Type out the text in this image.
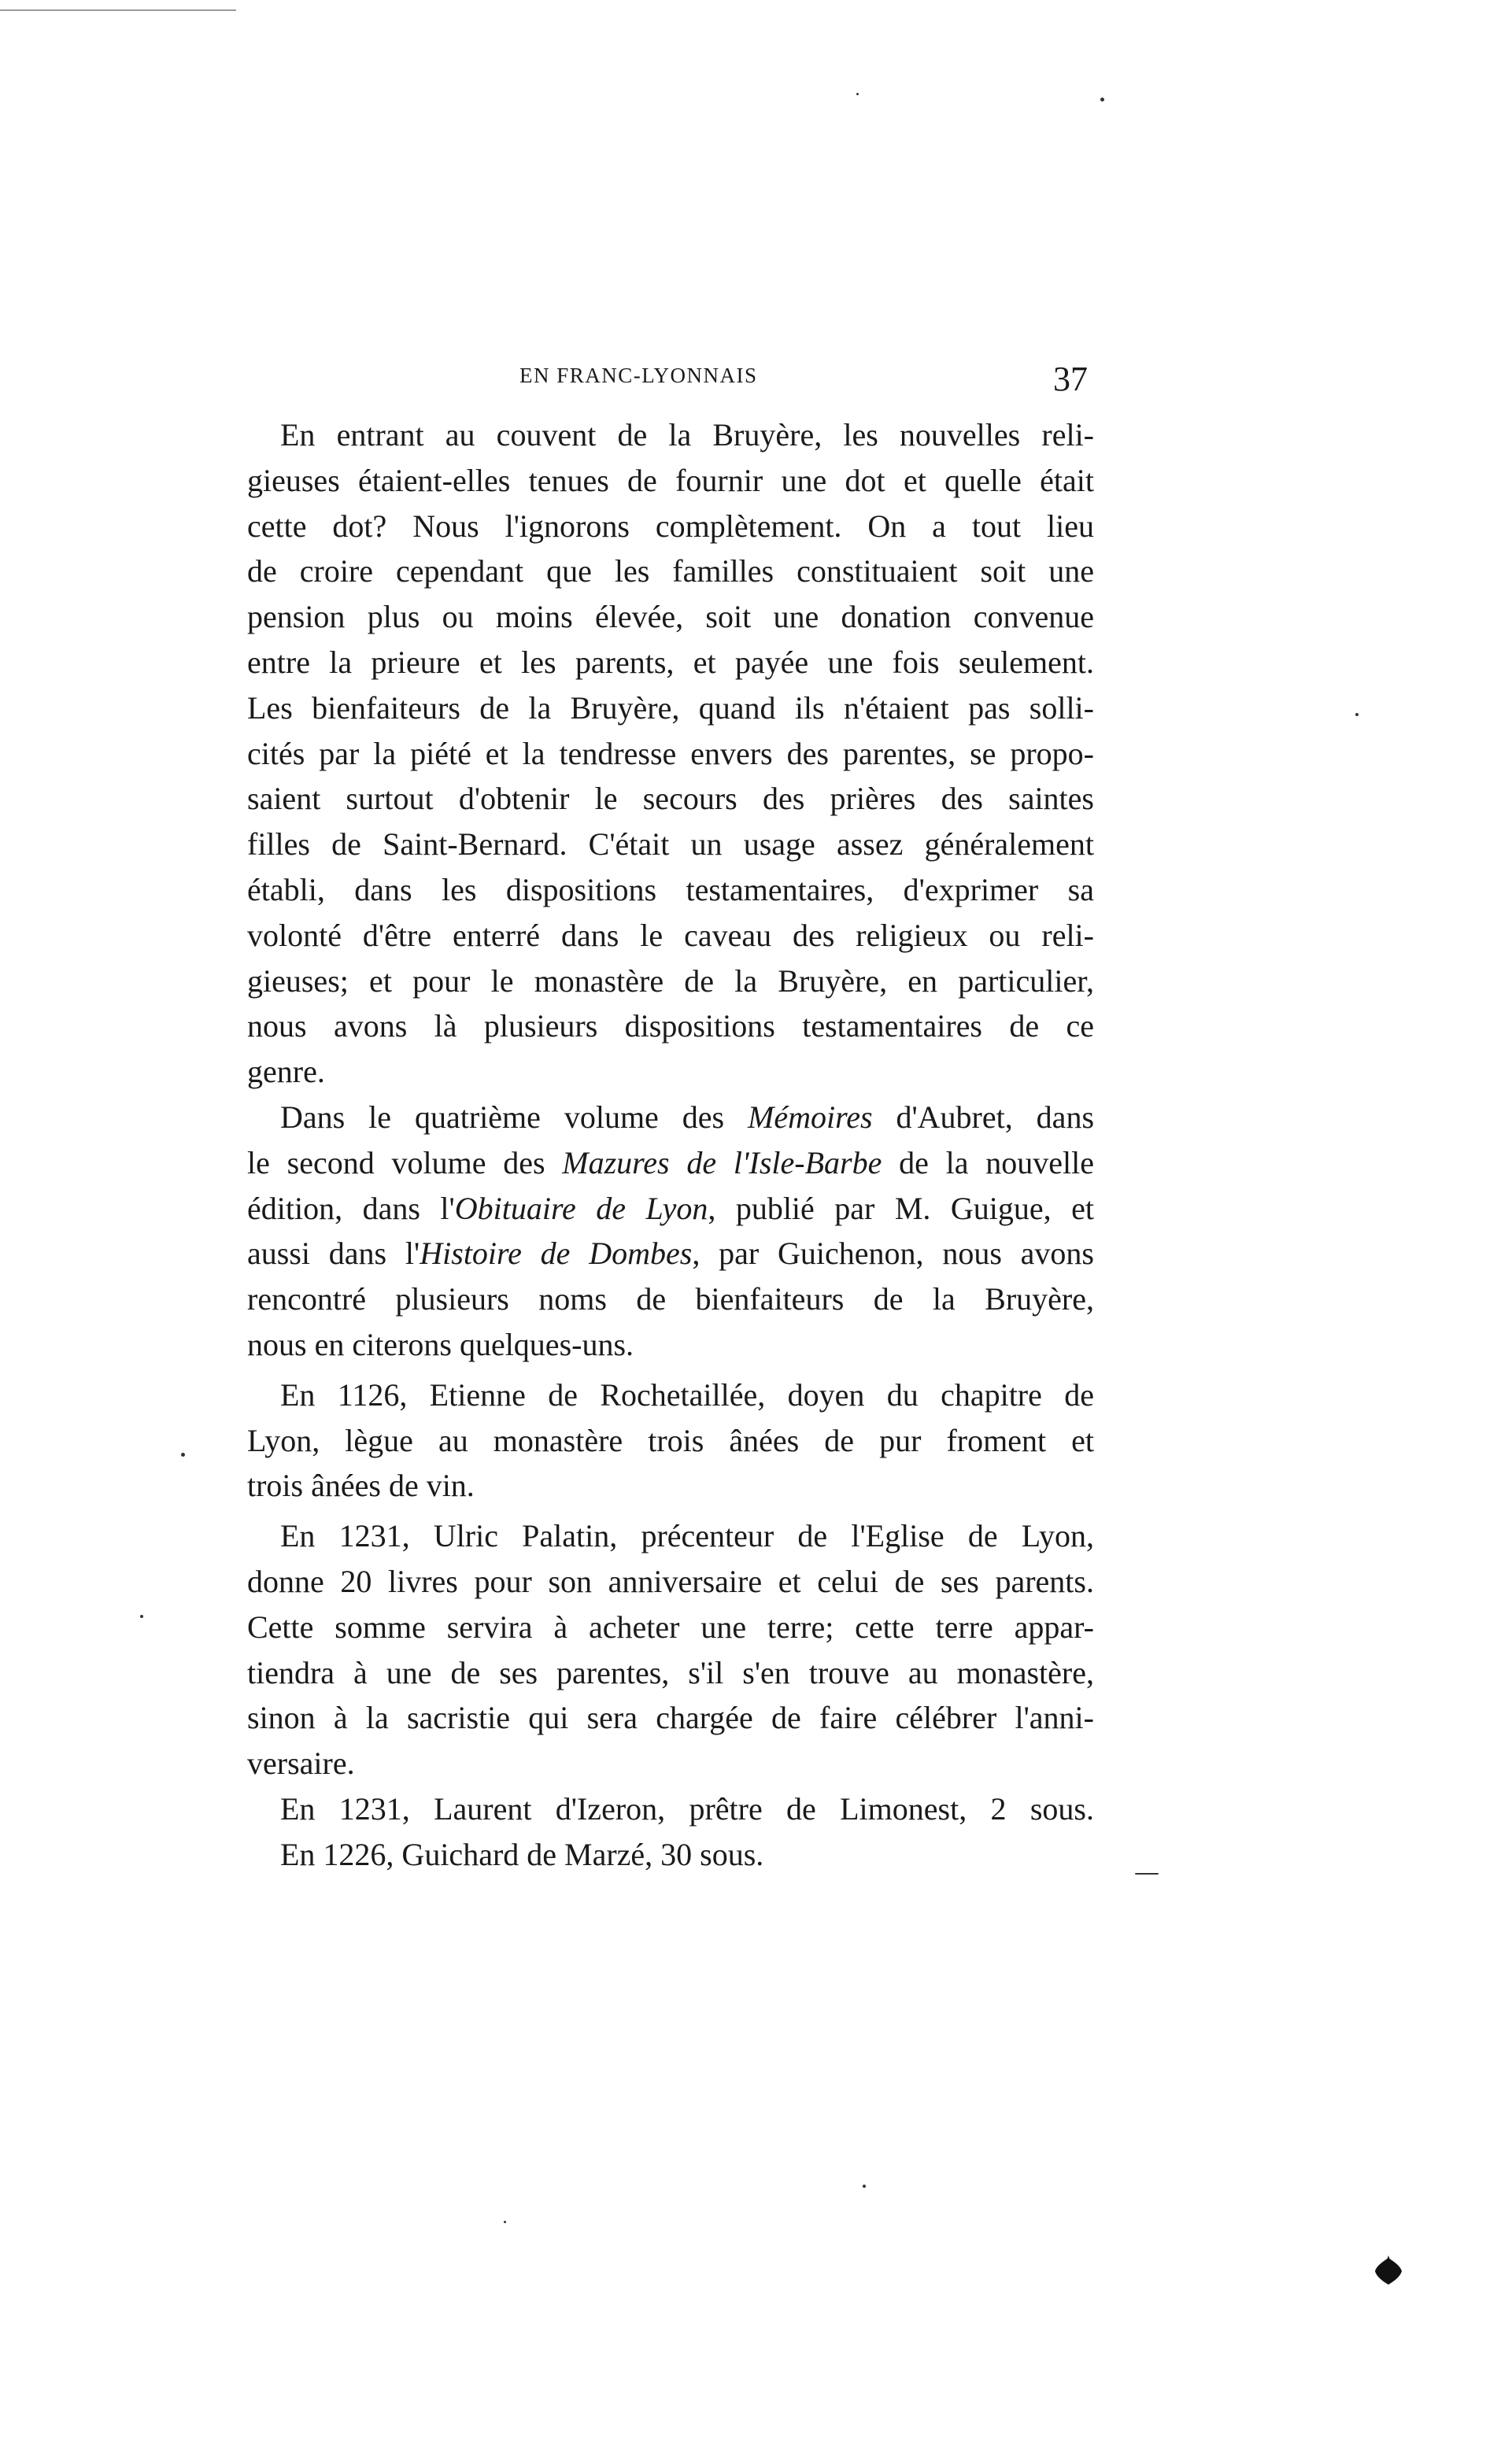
EN FRANC-LYONNAIS	37
En entrant au couvent de la Bruyère, les nouvelles reli-
gieuses étaient-elles tenues de fournir une dot et quelle était
cette dot? Nous l'ignorons complètement. On a tout lieu
de croire cependant que les familles constituaient soit une
pension plus ou moins élevée, soit une donation convenue
entre la prieure et les parents, et payée une fois seulement.
Les bienfaiteurs de la Bruyère, quand ils n'étaient pas solli-
cités par la piété et la tendresse envers des parentes, se propo-
saient surtout d'obtenir le secours des prières des saintes
filles de Saint-Bernard. C'était un usage assez généralement
établi, dans les dispositions testamentaires, d'exprimer sa
volonté d'être enterré dans le caveau des religieux ou reli-
gieuses; et pour le monastère de la Bruyère, en particulier,
nous avons là plusieurs dispositions testamentaires de ce
genre.
Dans le quatrième volume des Mémoires d'Aubret, dans
le second volume des Mazures de l'Isle-Barbe de la nouvelle
édition, dans l'Obituaire de Lyon, publié par M. Guigue, et
aussi dans l'Histoire de Dombes, par Guichenon, nous avons
rencontré plusieurs noms de bienfaiteurs de la Bruyère,
nous en citerons quelques-uns.
En 1126, Etienne de Rochetaillée, doyen du chapitre de
Lyon, lègue au monastère trois ânées de pur froment et
trois ânées de vin.
En 1231, Ulric Palatin, précenteur de l'Eglise de Lyon,
donne 20 livres pour son anniversaire et celui de ses parents.
Cette somme servira à acheter une terre; cette terre appar-
tiendra à une de ses parentes, s'il s'en trouve au monastère,
sinon à la sacristie qui sera chargée de faire célébrer l'anni-
versaire.
En 1231, Laurent d'Izeron, prêtre de Limonest, 2 sous.
En 1226, Guichard de Marzé, 30 sous.
